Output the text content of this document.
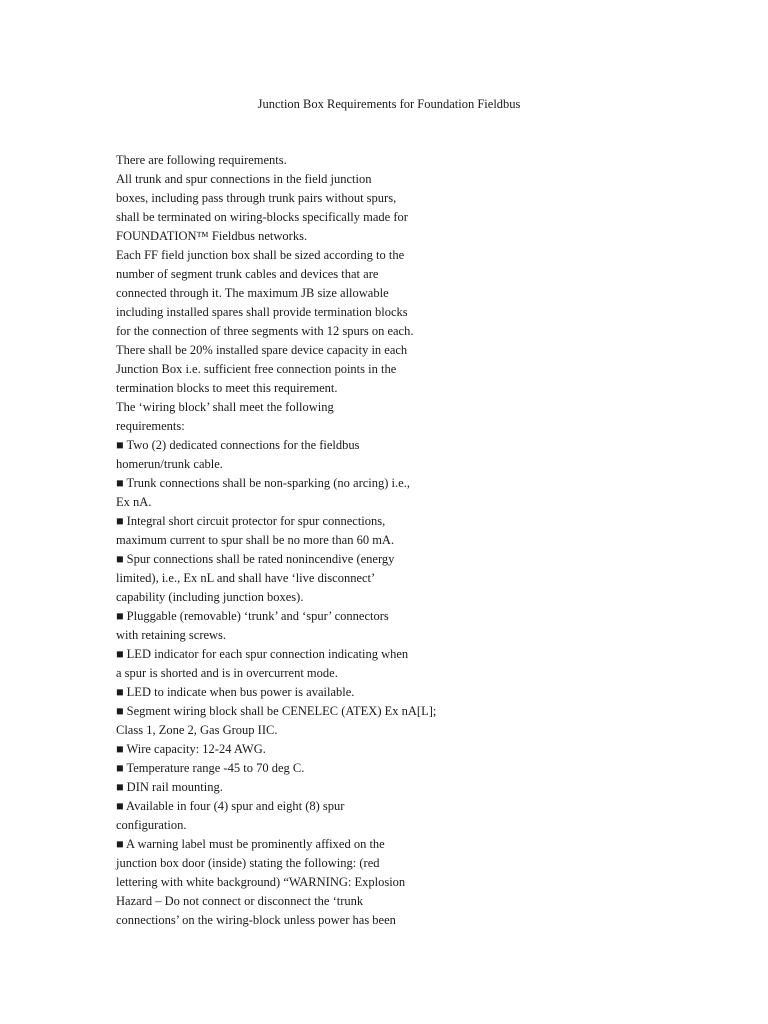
Junction Box Requirements for Foundation Fieldbus
There are following requirements.
All trunk and spur connections in the field junction
boxes, including pass through trunk pairs without spurs,
shall be terminated on wiring-blocks specifically made for
FOUNDATION™ Fieldbus networks.
Each FF field junction box shall be sized according to the
number of segment trunk cables and devices that are
connected through it. The maximum JB size allowable
including installed spares shall provide termination blocks
for the connection of three segments with 12 spurs on each.
There shall be 20% installed spare device capacity in each
Junction Box i.e. sufficient free connection points in the
termination blocks to meet this requirement.
The ‘wiring block’ shall meet the following
requirements:
■ Two (2) dedicated connections for the fieldbus
homerun/trunk cable.
■ Trunk connections shall be non-sparking (no arcing) i.e.,
Ex nA.
■ Integral short circuit protector for spur connections,
maximum current to spur shall be no more than 60 mA.
■ Spur connections shall be rated nonincendive (energy
limited), i.e., Ex nL and shall have ‘live disconnect’
capability (including junction boxes).
■ Pluggable (removable) ‘trunk’ and ‘spur’ connectors
with retaining screws.
■ LED indicator for each spur connection indicating when
a spur is shorted and is in overcurrent mode.
■ LED to indicate when bus power is available.
■ Segment wiring block shall be CENELEC (ATEX) Ex nA[L];
Class 1, Zone 2, Gas Group IIC.
■ Wire capacity: 12-24 AWG.
■ Temperature range -45 to 70 deg C.
■ DIN rail mounting.
■ Available in four (4) spur and eight (8) spur
configuration.
■ A warning label must be prominently affixed on the
junction box door (inside) stating the following: (red
lettering with white background) “WARNING: Explosion
Hazard – Do not connect or disconnect the ‘trunk
connections’ on the wiring-block unless power has been
